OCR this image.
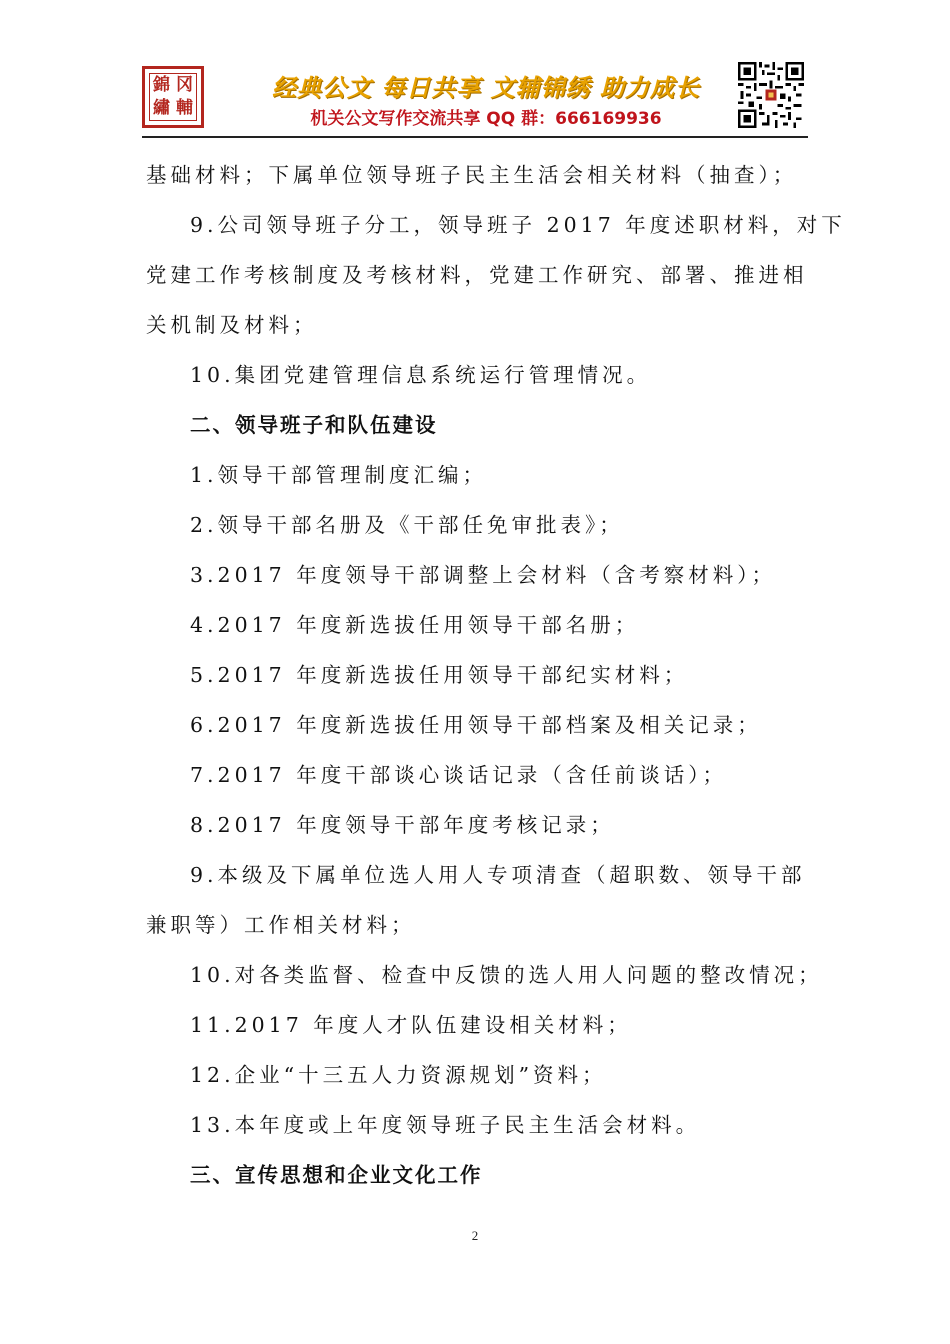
錦 冈
繡 輔
经典公文 每日共享 文辅锦绣 助力成长
机关公文写作交流共享 QQ 群：666169936

基础材料；下属单位领导班子民主生活会相关材料（抽查）；

9.公司领导班子分工，领导班子 2017 年度述职材料，对下

党建工作考核制度及考核材料，党建工作研究、部署、推进相

关机制及材料；

10.集团党建管理信息系统运行管理情况。

二、领导班子和队伍建设

1.领导干部管理制度汇编；

2.领导干部名册及《干部任免审批表》；

3.2017 年度领导干部调整上会材料（含考察材料）；

4.2017 年度新选拔任用领导干部名册；

5.2017 年度新选拔任用领导干部纪实材料；

6.2017 年度新选拔任用领导干部档案及相关记录；

7.2017 年度干部谈心谈话记录（含任前谈话）；

8.2017 年度领导干部年度考核记录；

9.本级及下属单位选人用人专项清查（超职数、领导干部

兼职等）工作相关材料；

10.对各类监督、检查中反馈的选人用人问题的整改情况；

11.2017 年度人才队伍建设相关材料；

12.企业“十三五人力资源规划”资料；

13.本年度或上年度领导班子民主生活会材料。

三、宣传思想和企业文化工作

2
